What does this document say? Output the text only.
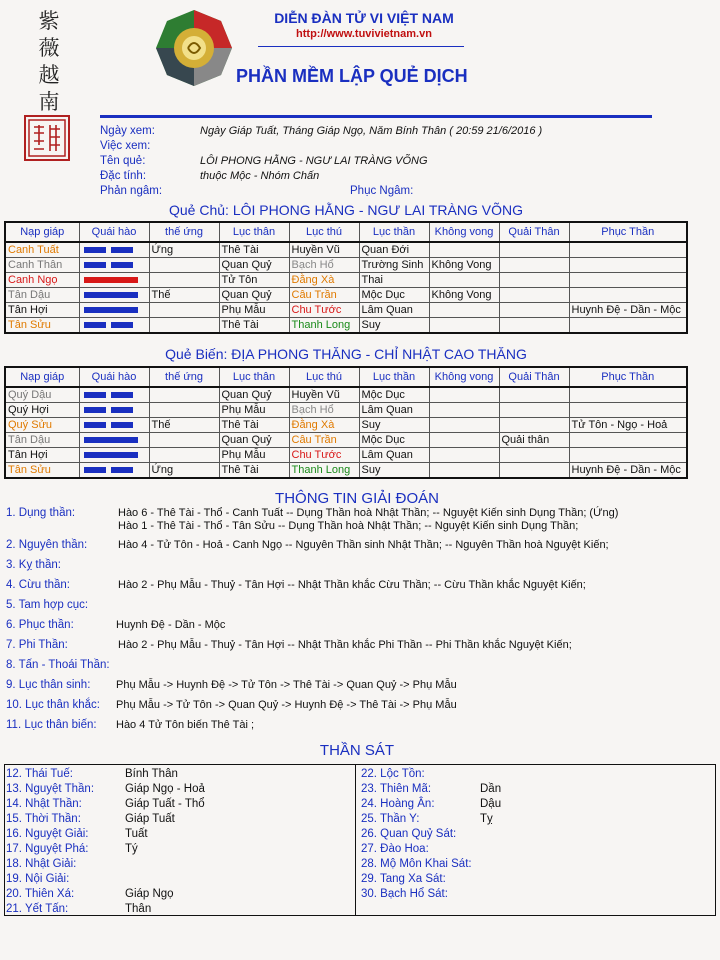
紫
薇
越
南
DIỄN ĐÀN TỬ VI VIỆT NAM
http://www.tuvivietnam.vn
PHẦN MỀM LẬP QUẺ DỊCH
Ngày xem:	Ngày Giáp Tuất, Tháng Giáp Ngọ, Năm Bính Thân ( 20:59 21/6/2016 )
Việc xem:
Tên quẻ:	LÔI PHONG HẰNG - NGƯ LAI TRÀNG VÕNG
Đặc tính:	thuộc Mộc - Nhóm Chấn
Phản ngâm:	Phục Ngâm:
Quẻ Chủ: LÔI PHONG HẰNG - NGƯ LAI TRÀNG VÕNG
Nạp giáp	Quái hào	thế ứng	Lục thân	Lục thú	Lục thần	Không vong	Quải Thân	Phục Thần
Canh Tuất		Ứng	Thê Tài	Huyền Vũ	Quan Đới			
Canh Thân			Quan Quỷ	Bạch Hổ	Trường Sinh	Không Vong		
Canh Ngọ			Tử Tôn	Đằng Xà	Thai			
Tân Dậu		Thế	Quan Quỷ	Câu Trần	Mộc Dục	Không Vong		
Tân Hợi			Phụ Mẫu	Chu Tước	Lâm Quan			Huynh Đệ - Dần - Mộc
Tân Sửu			Thê Tài	Thanh Long	Suy			
Quẻ Biến: ĐỊA PHONG THĂNG - CHỈ NHẬT CAO THĂNG
Nạp giáp	Quái hào	thế ứng	Lục thân	Lục thú	Lục thần	Không vong	Quải Thân	Phục Thần
Quý Dậu			Quan Quỷ	Huyền Vũ	Mộc Dục			
Quý Hợi			Phụ Mẫu	Bạch Hổ	Lâm Quan			
Quý Sửu		Thế	Thê Tài	Đằng Xà	Suy			Tử Tôn - Ngọ - Hoả
Tân Dậu			Quan Quỷ	Câu Trần	Mộc Dục		Quải thân	
Tân Hợi			Phụ Mẫu	Chu Tước	Lâm Quan			
Tân Sửu		Ứng	Thê Tài	Thanh Long	Suy			Huynh Đệ - Dần - Mộc
THÔNG TIN GIẢI ĐOÁN
1. Dụng thần:	Hào 6 - Thê Tài - Thổ - Canh Tuất -- Dụng Thần hoà Nhật Thần; -- Nguyệt Kiến sinh Dụng Thần; (Ứng)
Hào 1 - Thê Tài - Thổ - Tân Sửu -- Dụng Thần hoà Nhật Thần; -- Nguyệt Kiến sinh Dụng Thần;
2. Nguyên thần:	Hào 4 - Tử Tôn - Hoả - Canh Ngọ -- Nguyên Thần sinh Nhật Thần; -- Nguyên Thần hoà Nguyệt Kiến;
3. Kỵ thần:
4. Cừu thần:	Hào 2 - Phụ Mẫu - Thuỷ - Tân Hợi -- Nhật Thần khắc Cừu Thần; -- Cừu Thần khắc Nguyệt Kiến;
5. Tam hợp cục:
6. Phục thần:	Huynh Đệ - Dần - Mộc
7. Phi Thần:	Hào 2 - Phụ Mẫu - Thuỷ - Tân Hợi -- Nhật Thần khắc Phi Thần -- Phi Thần khắc Nguyệt Kiến;
8. Tấn - Thoái Thần:
9. Lục thân sinh: Phụ Mẫu -> Huynh Đệ -> Tử Tôn -> Thê Tài -> Quan Quỷ -> Phụ Mẫu
10. Lục thân khắc: Phụ Mẫu -> Tử Tôn -> Quan Quỷ -> Huynh Đệ -> Thê Tài -> Phụ Mẫu
11. Lục thân biến: Hào 4 Tử Tôn biến Thê Tài ;
THẦN SÁT
12. Thái Tuế:	Bính Thân
13. Nguyệt Thần:	Giáp Ngọ - Hoả
14. Nhật Thần:	Giáp Tuất - Thổ
15. Thời Thần:	Giáp Tuất
16. Nguyệt Giải:	Tuất
17. Nguyệt Phá:	Tý
18. Nhật Giải:
19. Nội Giải:
20. Thiên Xá:	Giáp Ngọ
21. Yết Tấn:	Thân
22. Lộc Tồn:
23. Thiên Mã:	Dần
24. Hoàng Ân:	Dậu
25. Thần Y:	Tỵ
26. Quan Quỷ Sát:
27. Đào Hoa:
28. Mộ Môn Khai Sát:
29. Tang Xa Sát:
30. Bạch Hổ Sát:
